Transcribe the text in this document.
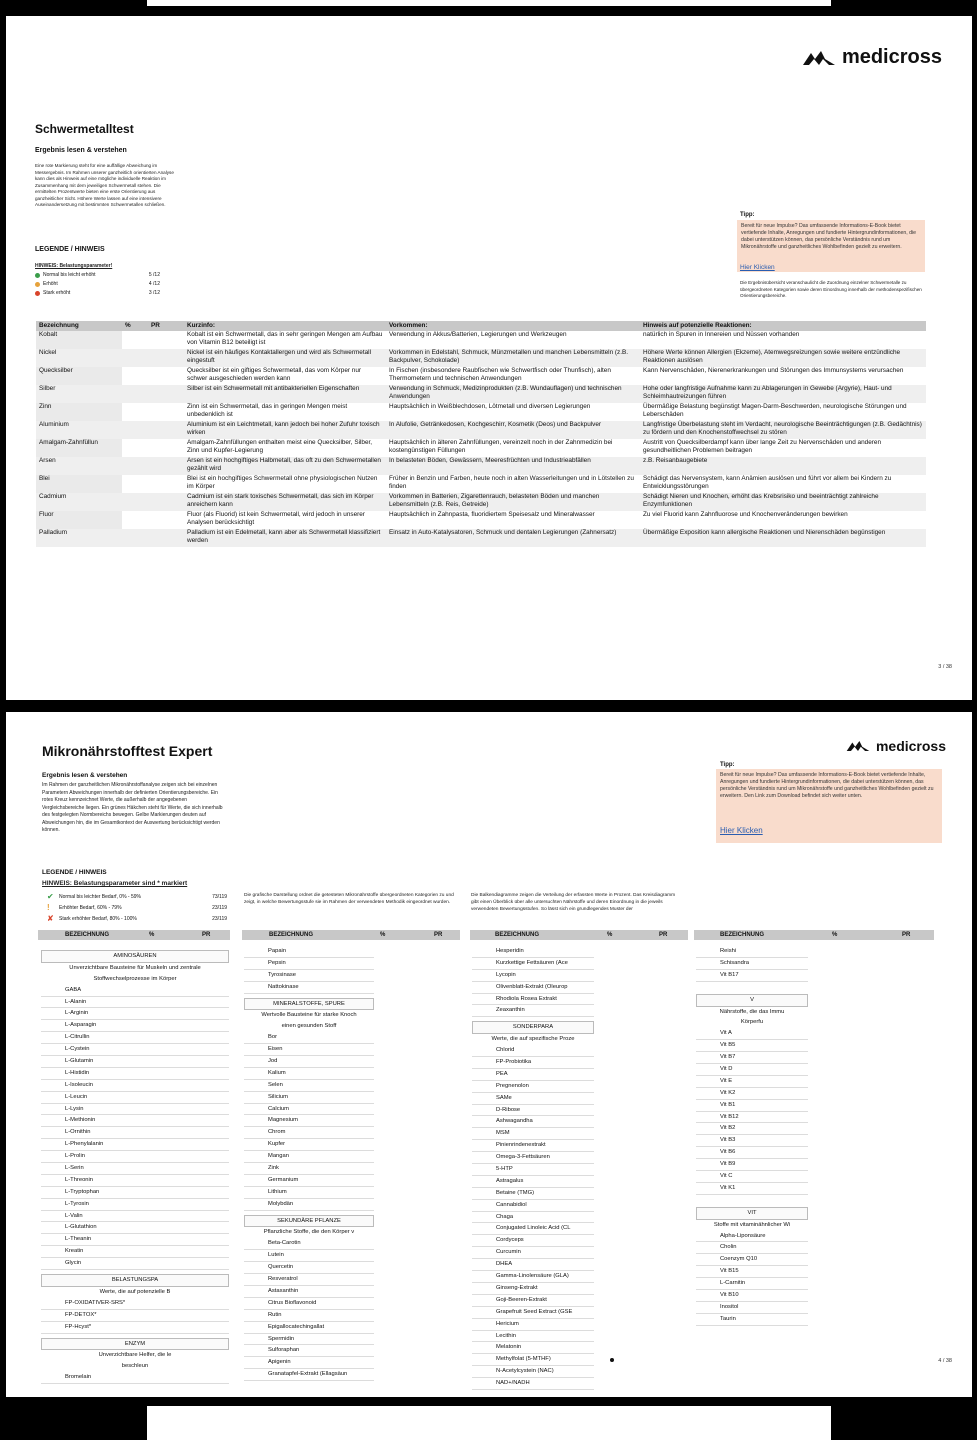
medicross
Schwermetalltest
Ergebnis lesen & verstehen
Eine rote Markierung steht für eine auffällige Abweichung im Messergebnis. Im Rahmen unserer ganzheitlich orientierten Analyse kann dies als Hinweis auf eine mögliche individuelle Reaktion im Zusammenhang mit dem jeweiligen Schwermetall stehen. Die ermittelten Prozentwerte bieten eine erste Orientierung aus ganzheitlicher Sicht. Höhere Werte lassen auf eine intensivere Auseinandersetzung mit bestimmten Schwermetallen schließen.
LEGENDE / HINWEIS
HINWEIS: Belastungsparameter!
Normal bis leicht erhöht	5 /12
Erhöht	4 /12
Stark erhöht	3 /12
Tipp:
Bereit für neue Impulse? Das umfassende Informations-E-Book bietet vertiefende Inhalte, Anregungen und fundierte Hintergrundinformationen, die dabei unterstützen können, das persönliche Verständnis rund um Mikronährstoffe und ganzheitliches Wohlbefinden gezielt zu erweitern.
Hier Klicken
Die Ergebnisübersicht veranschaulicht die Zuordnung einzelner Schwermetalle zu übergeordneten Kategorien sowie deren Einordnung innerhalb der methodenspezifischen Orientierungsbereiche.
Bezeichnung	%	PR	Kurzinfo:	Vorkommen:	Hinweis auf potenzielle Reaktionen:
Kobalt			Kobalt ist ein Schwermetall, das in sehr geringen Mengen am Aufbau von Vitamin B12 beteiligt ist	Verwendung in Akkus/Batterien, Legierungen und Werkzeugen	natürlich in Spuren in Innereien und Nüssen vorhanden
Nickel			Nickel ist ein häufiges Kontaktallergen und wird als Schwermetall eingestuft	Vorkommen in Edelstahl, Schmuck, Münzmetallen und manchen Lebensmitteln (z.B. Backpulver, Schokolade)	Höhere Werte können Allergien (Ekzeme), Atemwegsreizungen sowie weitere entzündliche Reaktionen auslösen
Quecksilber			Quecksilber ist ein giftiges Schwermetall, das vom Körper nur schwer ausgeschieden werden kann	In Fischen (insbesondere Raubfischen wie Schwertfisch oder Thunfisch), alten Thermometern und technischen Anwendungen	Kann Nervenschäden, Nierenerkrankungen und Störungen des Immunsystems verursachen
Silber			Silber ist ein Schwermetall mit antibakteriellen Eigenschaften	Verwendung in Schmuck, Medizinprodukten (z.B. Wundauflagen) und technischen Anwendungen	Hohe oder langfristige Aufnahme kann zu Ablagerungen in Gewebe (Argyrie), Haut- und Schleimhautreizungen führen
Zinn			Zinn ist ein Schwermetall, das in geringen Mengen meist unbedenklich ist	Hauptsächlich in Weißblechdosen, Lötmetall und diversen Legierungen	Übermäßige Belastung begünstigt Magen-Darm-Beschwerden, neurologische Störungen und Leberschäden
Aluminium			Aluminium ist ein Leichtmetall, kann jedoch bei hoher Zufuhr toxisch wirken	In Alufolie, Getränkedosen, Kochgeschirr, Kosmetik (Deos) und Backpulver	Langfristige Überbelastung steht im Verdacht, neurologische Beeinträchtigungen (z.B. Gedächtnis) zu fördern und den Knochenstoffwechsel zu stören
Amalgam-Zahnfüllun			Amalgam-Zahnfüllungen enthalten meist eine Quecksilber, Silber, Zinn und Kupfer-Legierung	Hauptsächlich in älteren Zahnfüllungen, vereinzelt noch in der Zahnmedizin bei kostengünstigen Füllungen	Austritt von Quecksilberdampf kann über lange Zeit zu Nervenschäden und anderen gesundheitlichen Problemen beitragen
Arsen			Arsen ist ein hochgiftiges Halbmetall, das oft zu den Schwermetallen gezählt wird	In belasteten Böden, Gewässern, Meeresfrüchten und Industrieabfällen	z.B. Reisanbaugebiete
Blei			Blei ist ein hochgiftiges Schwermetall ohne physiologischen Nutzen im Körper	Früher in Benzin und Farben, heute noch in alten Wasserleitungen und in Lötstellen zu finden	Schädigt das Nervensystem, kann Anämien auslösen und führt vor allem bei Kindern zu Entwicklungsstörungen
Cadmium			Cadmium ist ein stark toxisches Schwermetall, das sich im Körper anreichern kann	Vorkommen in Batterien, Zigarettenrauch, belasteten Böden und manchen Lebensmitteln (z.B. Reis, Getreide)	Schädigt Nieren und Knochen, erhöht das Krebsrisiko und beeinträchtigt zahlreiche Enzymfunktionen
Fluor			Fluor (als Fluorid) ist kein Schwermetall, wird jedoch in unserer Analysen berücksichtigt	Hauptsächlich in Zahnpasta, fluoridiertem Speisesalz und Mineralwasser	Zu viel Fluorid kann Zahnfluorose und Knochenveränderungen bewirken
Palladium			Palladium ist ein Edelmetall, kann aber als Schwermetall klassifiziert werden	Einsatz in Auto-Katalysatoren, Schmuck und dentalen Legierungen (Zahnersatz)	Übermäßige Exposition kann allergische Reaktionen und Nierenschäden begünstigen
3 / 38
medicross
Mikronährstofftest Expert
Ergebnis lesen & verstehen
Im Rahmen der ganzheitlichen Mikronährstoffanalyse zeigen sich bei einzelnen Parametern Abweichungen innerhalb der definierten Orientierungsbereiche. Ein rotes Kreuz kennzeichnet Werte, die außerhalb der angegebenen Vergleichsbereiche liegen. Ein grünes Häkchen steht für Werte, die sich innerhalb des festgelegten Normbereichs bewegen. Gelbe Markierungen deuten auf Abweichungen hin, die im Gesamtkontext der Auswertung berücksichtigt werden können.
LEGENDE / HINWEIS
HINWEIS: Belastungsparameter sind * markiert
✔	Normal bis leichter Bedarf, 0% - 59%	73/119
!	Erhöhter Bedarf, 60% - 79%	23/119
✘	Stark erhöhter Bedarf, 80% - 100%	23/119
Die grafische Darstellung ordnet die getesteten Mikronährstoffe übergeordneten Kategorien zu und zeigt, in welche Bewertungsstufe sie im Rahmen der verwendeten Methodik eingeordnet wurden.
Die Balkendiagramme zeigen die Verteilung der erfassten Werte in Prozent. Das Kreisdiagramm gibt einen Überblick über alle untersuchten Nährstoffe und deren Einordnung in die jeweils verwendeten Bewertungsstufen. So lässt sich ein grundlegendes Muster der
Tipp:
Bereit für neue Impulse? Das umfassende Informations-E-Book bietet vertiefende Inhalte, Anregungen und fundierte Hintergrundinformationen, die dabei unterstützen können, das persönliche Verständnis rund um Mikronährstoffe und ganzheitliches Wohlbefinden gezielt zu erweitern. Den Link zum Download befindet sich weiter unten.
Hier Klicken
BEZEICHNUNG	%	PR	BEZEICHNUNG	%	PR	BEZEICHNUNG	%	PR	BEZEICHNUNG	%	PR
AMINOSÄUREN
Unverzichtbare Bausteine für Muskeln und zentrale
Stoffwechselprozesse im Körper
GABA
L-Alanin
L-Arginin
L-Asparagin
L-Citrullin
L-Cystein
L-Glutamin
L-Histidin
L-Isoleucin
L-Leucin
L-Lysin
L-Methionin
L-Ornithin
L-Phenylalanin
L-Prolin
L-Serin
L-Threonin
L-Tryptophan
L-Tyrosin
L-Valin
L-Glutathion
L-Theanin
Kreatin
Glycin
BELASTUNGSPA
Werte, die auf potenzielle B
FP-OXIDATIVER-SRS*
FP-DETOX*
FP-Hcyst*
ENZYM
Unverzichtbare Helfer, die le
beschleun
Bromelain
Papain
Pepsin
Tyrosinase
Nattokinase
MINERALSTOFFE, SPURE
Wertvolle Bausteine für starke Knoch
einen gesunden Stoff
Bor
Eisen
Jod
Kalium
Selen
Silicium
Calcium
Magnesium
Chrom
Kupfer
Mangan
Zink
Germanium
Lithium
Molybdän
SEKUNDÄRE PFLANZE
Pflanzliche Stoffe, die den Körper v
Beta-Carotin
Lutein
Quercetin
Resveratrol
Astaxanthin
Citrus Bioflavonoid
Rutin
Epigallocatechingallat
Spermidin
Sulforaphan
Apigenin
Granatapfel-Extrakt (Ellagsäun
Hesperidin
Kurzkettige Fettsäuren (Ace
Lycopin
Olivenblatt-Extrakt (Oleurop
Rhodiola Rosea Extrakt
Zeaxanthin
SONDERPARA
Werte, die auf spezifische Proze
Chlorid
FP-Probiotika
PEA
Pregnenolon
SAMe
D-Ribose
Ashwagandha
MSM
Pinienrindenextrakt
Omega-3-Fettsäuren
5-HTP
Astragalus
Betaine (TMG)
Cannabidiol
Chaga
Conjugated Linoleic Acid (CL
Cordyceps
Curcumin
DHEA
Gamma-Linolensäure (GLA)
Ginseng-Extrakt
Goji-Beeren-Extrakt
Grapefruit Seed Extract (GSE
Hericium
Lecithin
Melatonin
Methylfolat (5-MTHF)
N-Acetylcystein (NAC)
NAD+/NADH
Reishi
Schisandra
Vit B17
V
Nährstoffe, die das Immu
Körperfu
Vit A
Vit B5
Vit B7
Vit D
Vit E
Vit K2
Vit B1
Vit B12
Vit B2
Vit B3
Vit B6
Vit B9
Vit C
Vit K1
VIT
Stoffe mit vitaminähnlicher Wi
Alpha-Liponsäure
Cholin
Coenzym Q10
Vit B15
L-Carnitin
Vit B10
Inositol
Taurin
4 / 38
